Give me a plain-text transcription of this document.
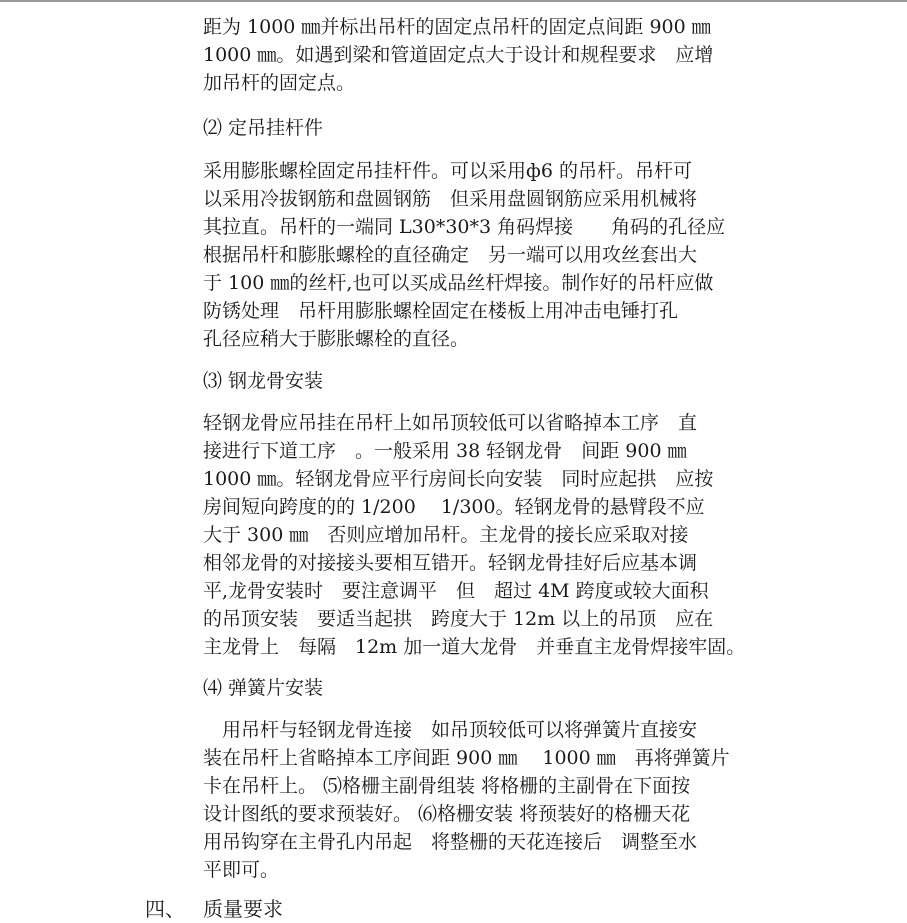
距为 1000 ㎜并标出吊杆的固定点吊杆的固定点间距 900 ㎜
1000 ㎜。如遇到梁和管道固定点大于设计和规程要求　应增
加吊杆的固定点。
⑵ 定吊挂杆件
采用膨胀螺栓固定吊挂杆件。可以采用ф6 的吊杆。吊杆可
以采用冷拔钢筋和盘圆钢筋　但采用盘圆钢筋应采用机械将
其拉直。吊杆的一端同 L30*30*3 角码焊接　　角码的孔径应
根据吊杆和膨胀螺栓的直径确定　另一端可以用攻丝套出大
于 100 ㎜的丝杆,也可以买成品丝杆焊接。制作好的吊杆应做
防锈处理　吊杆用膨胀螺栓固定在楼板上用冲击电锤打孔
孔径应稍大于膨胀螺栓的直径。
⑶ 钢龙骨安装
轻钢龙骨应吊挂在吊杆上如吊顶较低可以省略掉本工序　直
接进行下道工序　。一般采用 38 轻钢龙骨　间距 900 ㎜
1000 ㎜。轻钢龙骨应平行房间长向安装　同时应起拱　应按
房间短向跨度的的 1/200　 1/300。轻钢龙骨的悬臂段不应
大于 300 ㎜　否则应增加吊杆。主龙骨的接长应采取对接
相邻龙骨的对接接头要相互错开。轻钢龙骨挂好后应基本调
平,龙骨安装时　要注意调平　但　超过 4M 跨度或较大面积
的吊顶安装　要适当起拱　跨度大于 12m 以上的吊顶　应在
主龙骨上　每隔　12m 加一道大龙骨　并垂直主龙骨焊接牢固。
⑷ 弹簧片安装
　用吊杆与轻钢龙骨连接　如吊顶较低可以将弹簧片直接安
装在吊杆上省略掉本工序间距 900 ㎜　 1000 ㎜　再将弹簧片
卡在吊杆上。 ⑸格栅主副骨组装 将格栅的主副骨在下面按
设计图纸的要求预装好。 ⑹格栅安装 将预装好的格栅天花
用吊钩穿在主骨孔内吊起　将整栅的天花连接后　调整至水
平即可。
四、 质量要求
